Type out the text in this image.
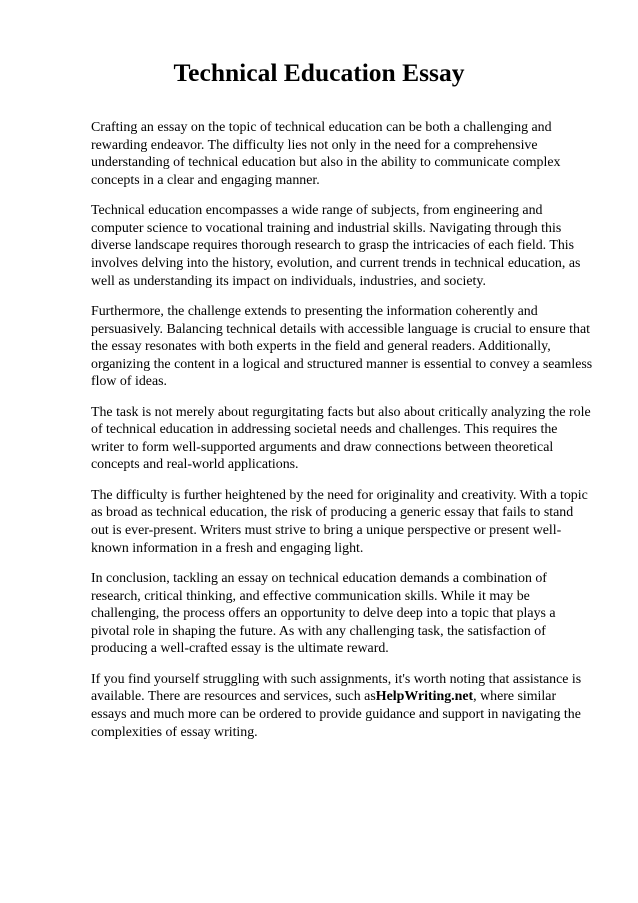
Technical Education Essay

Crafting an essay on the topic of technical education can be both a challenging and rewarding endeavor. The difficulty lies not only in the need for a comprehensive understanding of technical education but also in the ability to communicate complex concepts in a clear and engaging manner.

Technical education encompasses a wide range of subjects, from engineering and computer science to vocational training and industrial skills. Navigating through this diverse landscape requires thorough research to grasp the intricacies of each field. This involves delving into the history, evolution, and current trends in technical education, as well as understanding its impact on individuals, industries, and society.

Furthermore, the challenge extends to presenting the information coherently and persuasively. Balancing technical details with accessible language is crucial to ensure that the essay resonates with both experts in the field and general readers. Additionally, organizing the content in a logical and structured manner is essential to convey a seamless flow of ideas.

The task is not merely about regurgitating facts but also about critically analyzing the role of technical education in addressing societal needs and challenges. This requires the writer to form well-supported arguments and draw connections between theoretical concepts and real-world applications.

The difficulty is further heightened by the need for originality and creativity. With a topic as broad as technical education, the risk of producing a generic essay that fails to stand out is ever-present. Writers must strive to bring a unique perspective or present well-known information in a fresh and engaging light.

In conclusion, tackling an essay on technical education demands a combination of research, critical thinking, and effective communication skills. While it may be challenging, the process offers an opportunity to delve deep into a topic that plays a pivotal role in shaping the future. As with any challenging task, the satisfaction of producing a well-crafted essay is the ultimate reward.

If you find yourself struggling with such assignments, it's worth noting that assistance is available. There are resources and services, such asHelpWriting.net, where similar essays and much more can be ordered to provide guidance and support in navigating the complexities of essay writing.
